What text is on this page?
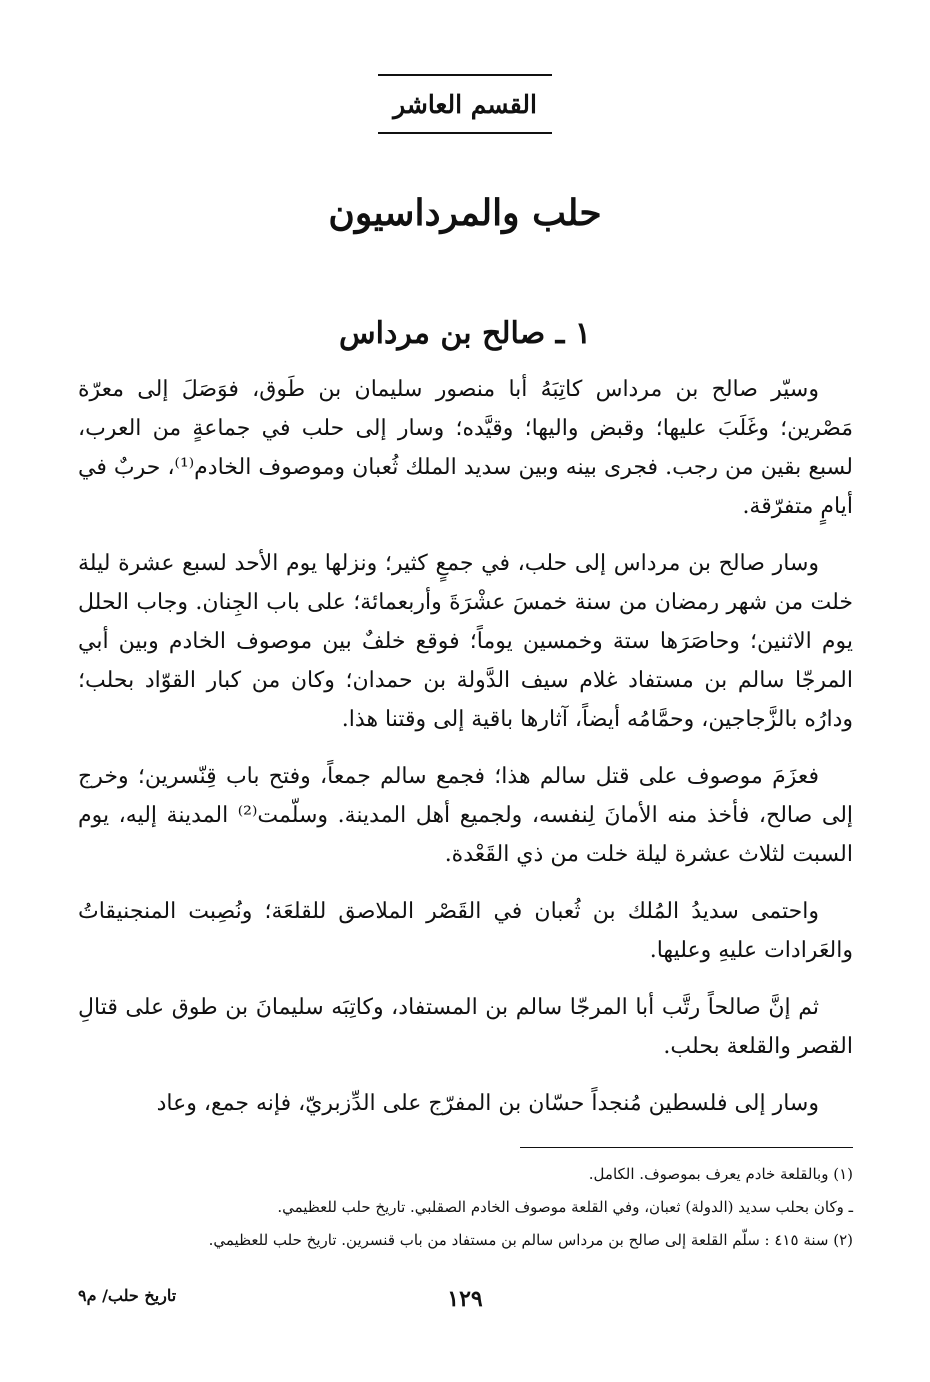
القسم العاشر
حلب والمرداسيون
١ ـ صالح بن مرداس

وسيّر صالح بن مرداس كاتِبَهُ أبا منصور سليمان بن طَوق، فوَصَلَ إلى معرّة مَصْرين؛ وغَلَبَ عليها؛ وقبض واليها؛ وقيَّده؛ وسار إلى حلب في جماعةٍ من العرب، لسبع بقين من رجب. فجرى بينه وبين سديد الملك ثُعبان وموصوف الخادم⁽¹⁾، حربٌ في أيامٍ متفرّقة.

وسار صالح بن مرداس إلى حلب، في جمعٍ كثير؛ ونزلها يوم الأحد لسبع عشرة ليلة خلت من شهر رمضان من سنة خمسَ عشْرَةَ وأربعمائة؛ على باب الجِنان. وجاب الحلل يوم الاثنين؛ وحاصَرَها ستة وخمسين يوماً؛ فوقع خلفٌ بين موصوف الخادم وبين أبي المرجّا سالم بن مستفاد غلام سيف الدَّولة بن حمدان؛ وكان من كبار القوّاد بحلب؛ ودارُه بالزَّجاجين، وحمَّامُه أيضاً، آثارها باقية إلى وقتنا هذا.

فعزَمَ موصوف على قتل سالم هذا؛ فجمع سالم جمعاً، وفتح باب قِنّسرين؛ وخرج إلى صالح، فأخذ منه الأمانَ لِنفسه، ولجميع أهل المدينة. وسلّمت⁽²⁾ المدينة إليه، يوم السبت لثلاث عشرة ليلة خلت من ذي القَعْدة.

واحتمى سديدُ المُلك بن ثُعبان في القَصْر الملاصق للقلعَة؛ ونُصِبت المنجنيقاتُ والعَرادات عليهِ وعليها.

ثم إنَّ صالحاً رتَّب أبا المرجّا سالم بن المستفاد، وكاتِبَه سليمانَ بن طوق على قتالِ القصر والقلعة بحلب.

وسار إلى فلسطين مُنجداً حسّان بن المفرّج على الدِّزبريّ، فإنه جمع، وعاد

(١) وبالقلعة خادم يعرف بموصوف. الكامل.
ـ وكان بحلب سديد (الدولة) ثعبان، وفي القلعة موصوف الخادم الصقلبي. تاريخ حلب للعظيمي.
(٢) سنة ٤١٥ : سلّم القلعة إلى صالح بن مرداس سالم بن مستفاد من باب قنسرين. تاريخ حلب للعظيمي.
١٢٩
تاريخ حلب/ م٩
